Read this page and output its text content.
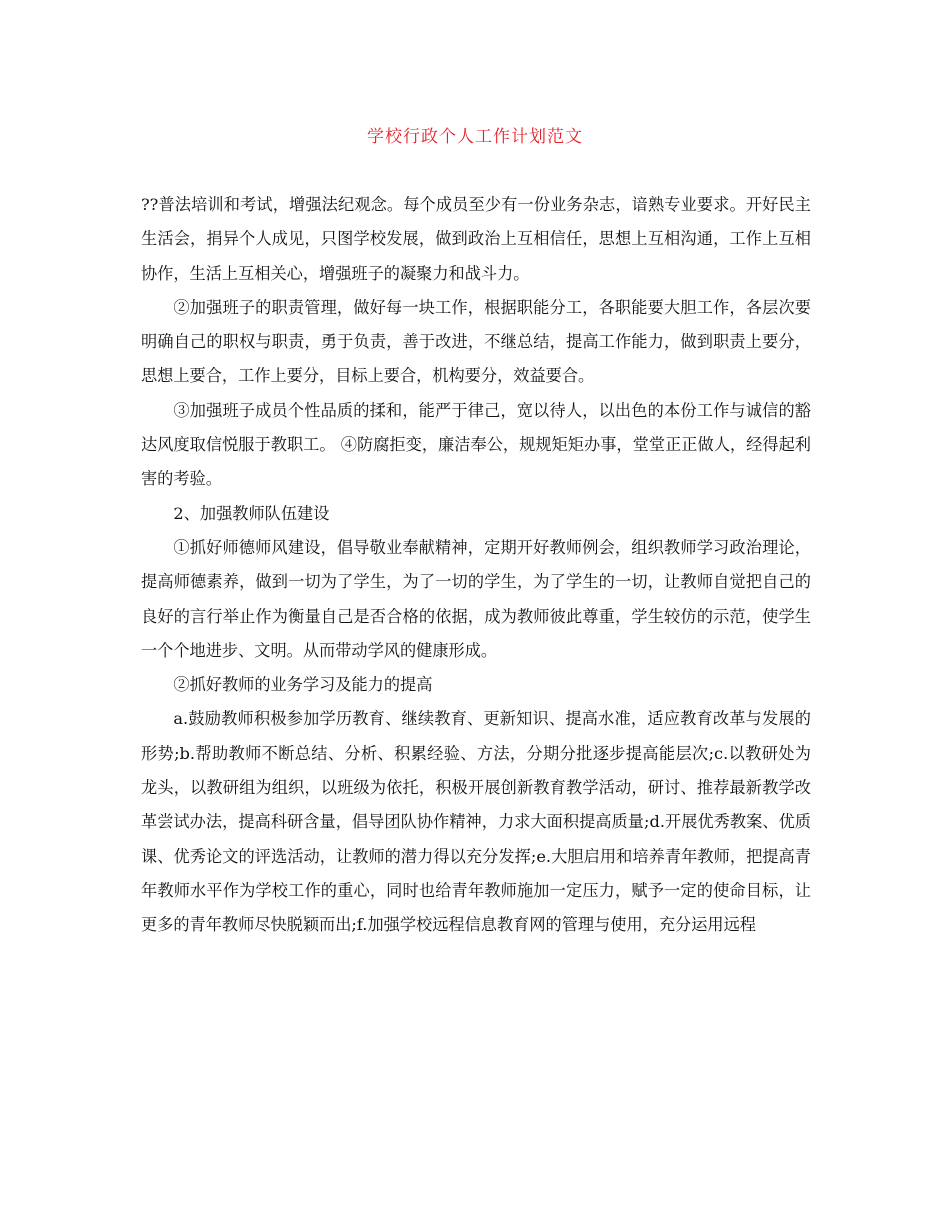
学校行政个人工作计划范文

??普法培训和考试，增强法纪观念。每个成员至少有一份业务杂志，谙熟专业要求。开好民主生活会，捐异个人成见，只图学校发展，做到政治上互相信任，思想上互相沟通，工作上互相协作，生活上互相关心，增强班子的凝聚力和战斗力。

②加强班子的职责管理，做好每一块工作，根据职能分工，各职能要大胆工作，各层次要明确自己的职权与职责，勇于负责，善于改进，不继总结，提高工作能力，做到职责上要分，思想上要合，工作上要分，目标上要合，机构要分，效益要合。

③加强班子成员个性品质的揉和，能严于律己，宽以待人，以出色的本份工作与诚信的豁达风度取信悦服于教职工。 ④防腐拒变，廉洁奉公，规规矩矩办事，堂堂正正做人，经得起利害的考验。

2、加强教师队伍建设

①抓好师德师风建设，倡导敬业奉献精神，定期开好教师例会，组织教师学习政治理论，提高师德素养，做到一切为了学生，为了一切的学生，为了学生的一切，让教师自觉把自己的良好的言行举止作为衡量自己是否合格的依据，成为教师彼此尊重，学生较仿的示范，使学生一个个地进步、文明。从而带动学风的健康形成。

②抓好教师的业务学习及能力的提高

a.鼓励教师积极参加学历教育、继续教育、更新知识、提高水准，适应教育改革与发展的形势;b.帮助教师不断总结、分析、积累经验、方法，分期分批逐步提高能层次;c.以教研处为龙头，以教研组为组织，以班级为依托，积极开展创新教育教学活动，研讨、推荐最新教学改革尝试办法，提高科研含量，倡导团队协作精神，力求大面积提高质量;d.开展优秀教案、优质课、优秀论文的评选活动，让教师的潜力得以充分发挥;e.大胆启用和培养青年教师，把提高青年教师水平作为学校工作的重心，同时也给青年教师施加一定压力，赋予一定的使命目标，让更多的青年教师尽快脱颖而出;f.加强学校远程信息教育网的管理与使用，充分运用远程
